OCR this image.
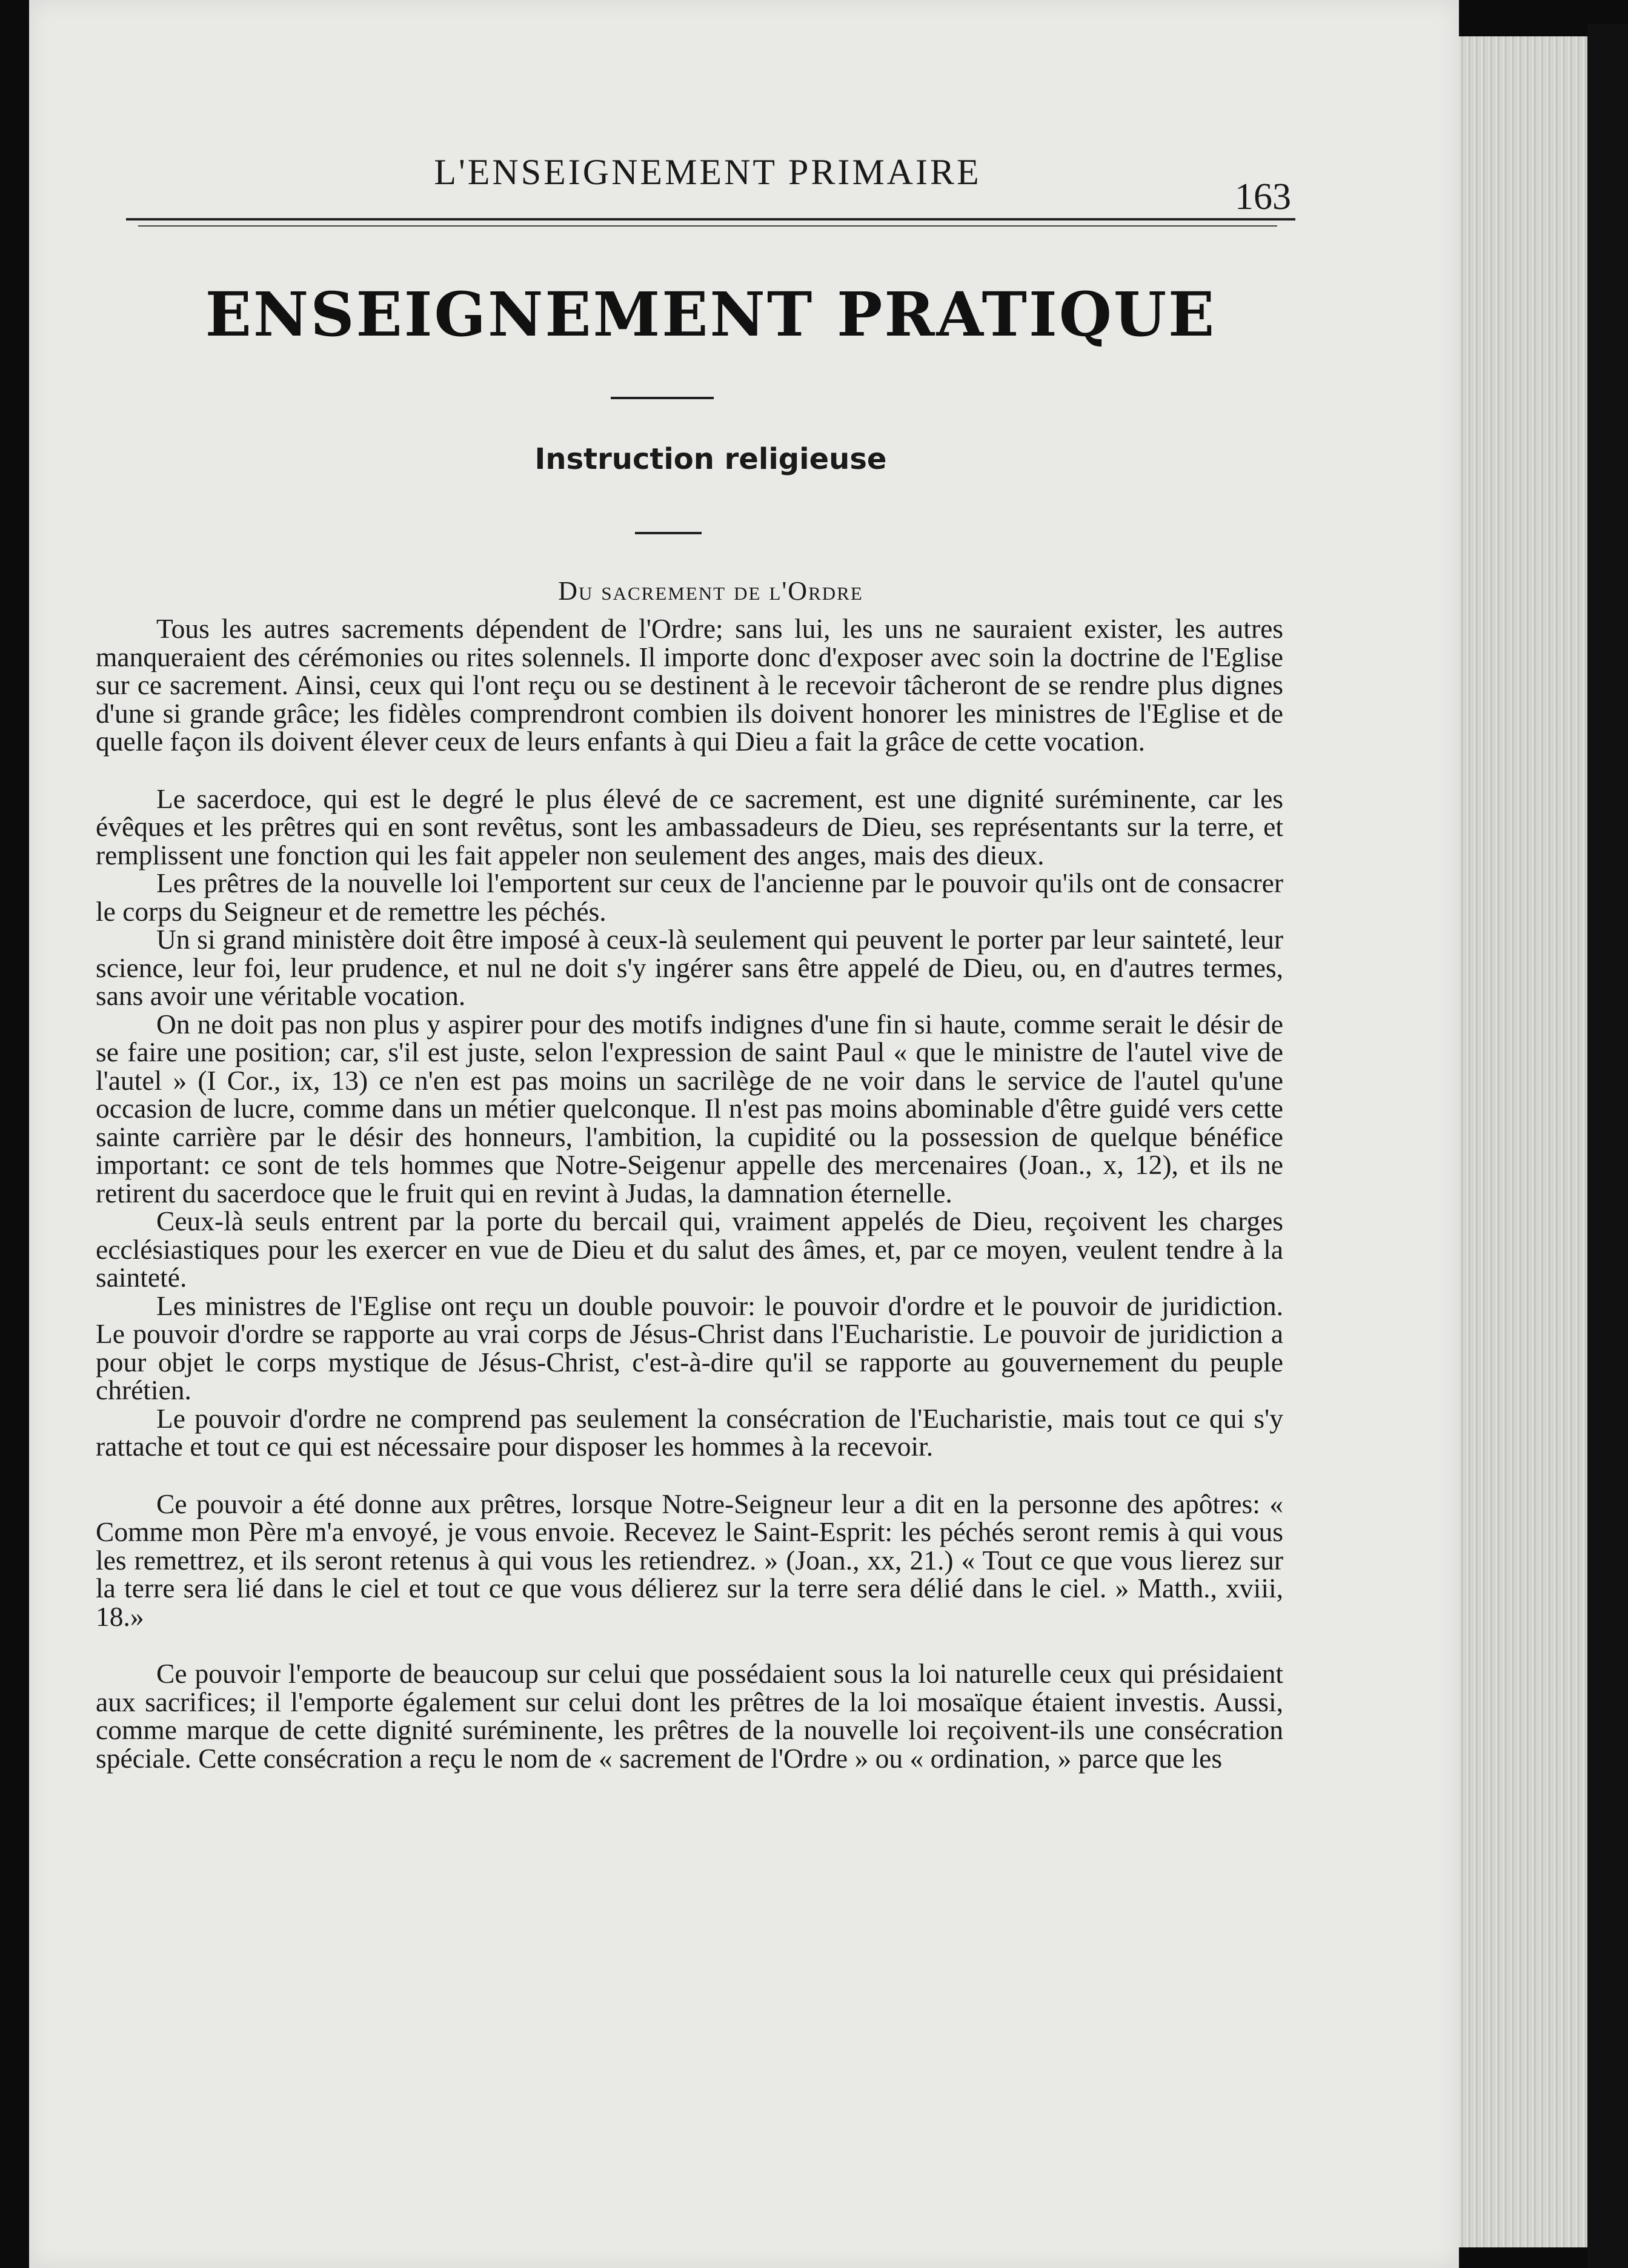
L'ENSEIGNEMENT PRIMAIRE
163
ENSEIGNEMENT PRATIQUE
Instruction religieuse
Du sacrement de l'Ordre

Tous les autres sacrements dépendent de l'Ordre; sans lui, les uns ne sauraient exister, les autres manqueraient des cérémonies ou rites solennels. Il importe donc d'exposer avec soin la doctrine de l'Eglise sur ce sacrement. Ainsi, ceux qui l'ont reçu ou se destinent à le recevoir tâcheront de se rendre plus dignes d'une si grande grâce; les fidèles comprendront combien ils doivent honorer les ministres de l'Eglise et de quelle façon ils doivent élever ceux de leurs enfants à qui Dieu a fait la grâce de cette vocation.

Le sacerdoce, qui est le degré le plus élevé de ce sacrement, est une dignité suréminente, car les évêques et les prêtres qui en sont revêtus, sont les ambassadeurs de Dieu, ses représentants sur la terre, et remplissent une fonction qui les fait appeler non seulement des anges, mais des dieux.

Les prêtres de la nouvelle loi l'emportent sur ceux de l'ancienne par le pouvoir qu'ils ont de consacrer le corps du Seigneur et de remettre les péchés.

Un si grand ministère doit être imposé à ceux-là seulement qui peuvent le porter par leur sainteté, leur science, leur foi, leur prudence, et nul ne doit s'y ingérer sans être appelé de Dieu, ou, en d'autres termes, sans avoir une véritable vocation.

On ne doit pas non plus y aspirer pour des motifs indignes d'une fin si haute, comme serait le désir de se faire une position; car, s'il est juste, selon l'expression de saint Paul « que le ministre de l'autel vive de l'autel » (I Cor., ix, 13) ce n'en est pas moins un sacrilège de ne voir dans le service de l'autel qu'une occasion de lucre, comme dans un métier quelconque. Il n'est pas moins abominable d'être guidé vers cette sainte carrière par le désir des honneurs, l'ambition, la cupidité ou la possession de quelque bénéfice important: ce sont de tels hommes que Notre-Seigenur appelle des mercenaires (Joan., x, 12), et ils ne retirent du sacerdoce que le fruit qui en revint à Judas, la damnation éternelle.

Ceux-là seuls entrent par la porte du bercail qui, vraiment appelés de Dieu, reçoivent les charges ecclésiastiques pour les exercer en vue de Dieu et du salut des âmes, et, par ce moyen, veulent tendre à la sainteté.

Les ministres de l'Eglise ont reçu un double pouvoir: le pouvoir d'ordre et le pouvoir de juridiction. Le pouvoir d'ordre se rapporte au vrai corps de Jésus-Christ dans l'Eucharistie. Le pouvoir de juridiction a pour objet le corps mystique de Jésus-Christ, c'est-à-dire qu'il se rapporte au gouvernement du peuple chrétien.

Le pouvoir d'ordre ne comprend pas seulement la consécration de l'Eucharistie, mais tout ce qui s'y rattache et tout ce qui est nécessaire pour disposer les hommes à la recevoir.

Ce pouvoir a été donne aux prêtres, lorsque Notre-Seigneur leur a dit en la personne des apôtres: « Comme mon Père m'a envoyé, je vous envoie. Recevez le Saint-Esprit: les péchés seront remis à qui vous les remettrez, et ils seront retenus à qui vous les retiendrez. » (Joan., xx, 21.) « Tout ce que vous lierez sur la terre sera lié dans le ciel et tout ce que vous délierez sur la terre sera délié dans le ciel. » Matth., xviii, 18.»

Ce pouvoir l'emporte de beaucoup sur celui que possédaient sous la loi naturelle ceux qui présidaient aux sacrifices; il l'emporte également sur celui dont les prêtres de la loi mosaïque étaient investis. Aussi, comme marque de cette dignité suréminente, les prêtres de la nouvelle loi reçoivent-ils une consécration spéciale. Cette consécration a reçu le nom de « sacrement de l'Ordre » ou « ordination, » parce que les
